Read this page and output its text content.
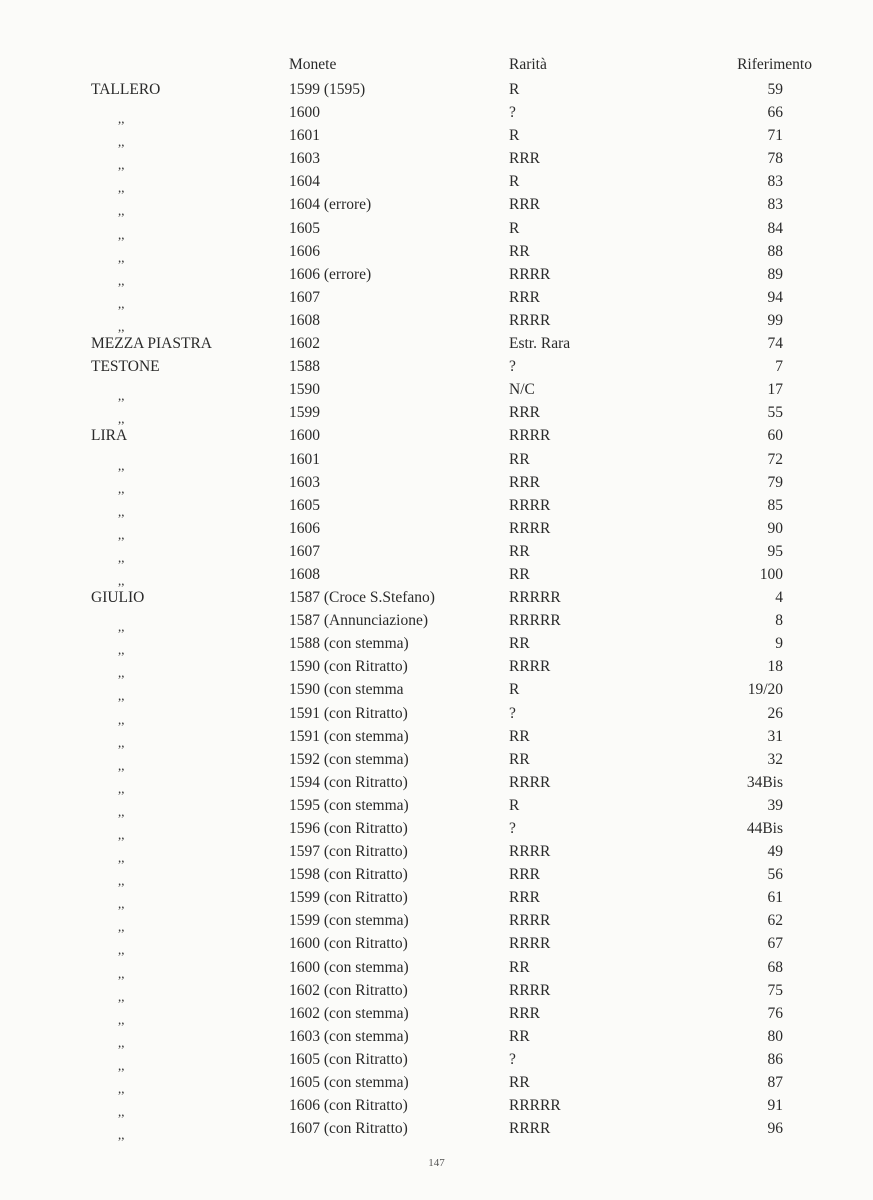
Monete	Rarità	Riferimento
TALLERO	1599 (1595)	R	59
,,	1600	?	66
,,	1601	R	71
,,	1603	RRR	78
,,	1604	R	83
,,	1604 (errore)	RRR	83
,,	1605	R	84
,,	1606	RR	88
,,	1606 (errore)	RRRR	89
,,	1607	RRR	94
,,	1608	RRRR	99
MEZZA PIASTRA	1602	Estr. Rara	74
TESTONE	1588	?	7
,,	1590	N/C	17
,,	1599	RRR	55
LIRA	1600	RRRR	60
,,	1601	RR	72
,,	1603	RRR	79
,,	1605	RRRR	85
,,	1606	RRRR	90
,,	1607	RR	95
,,	1608	RR	100
GIULIO	1587 (Croce S.Stefano)	RRRRR	4
,,	1587 (Annunciazione)	RRRRR	8
,,	1588 (con stemma)	RR	9
,,	1590 (con Ritratto)	RRRR	18
,,	1590 (con stemma	R	19/20
,,	1591 (con Ritratto)	?	26
,,	1591 (con stemma)	RR	31
,,	1592 (con stemma)	RR	32
,,	1594 (con Ritratto)	RRRR	34Bis
,,	1595 (con stemma)	R	39
,,	1596 (con Ritratto)	?	44Bis
,,	1597 (con Ritratto)	RRRR	49
,,	1598 (con Ritratto)	RRR	56
,,	1599 (con Ritratto)	RRR	61
,,	1599 (con stemma)	RRRR	62
,,	1600 (con Ritratto)	RRRR	67
,,	1600 (con stemma)	RR	68
,,	1602 (con Ritratto)	RRRR	75
,,	1602 (con stemma)	RRR	76
,,	1603 (con stemma)	RR	80
,,	1605 (con Ritratto)	?	86
,,	1605 (con stemma)	RR	87
,,	1606 (con Ritratto)	RRRRR	91
,,	1607 (con Ritratto)	RRRR	96
147
